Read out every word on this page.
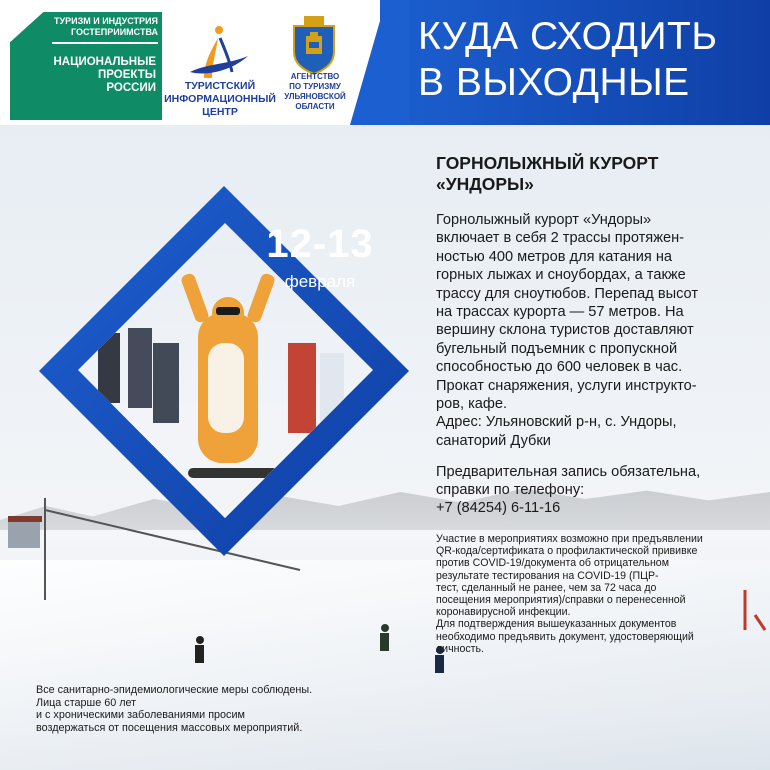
КУДА СХОДИТЬ
В ВЫХОДНЫЕ
ТУРИЗМ И ИНДУСТРИЯ
ГОСТЕПРИИМСТВА
НАЦИОНАЛЬНЫЕ
ПРОЕКТЫ
РОССИИ	ТУРИСТСКИЙ
ИНФОРМАЦИОННЫЙ
ЦЕНТР
АГЕНТСТВО
ПО ТУРИЗМУ
УЛЬЯНОВСКОЙ
ОБЛАСТИ
12-13
февраля
ГОРНОЛЫЖНЫЙ КУРОРТ
«УНДОРЫ»
Горнолыжный курорт «Ундоры»
включает в себя 2 трассы протяжен-
ностью 400 метров для катания на
горных лыжах и сноубордах, а также
трассу для сноутюбов. Перепад высот
на трассах курорта — 57 метров. На
вершину склона туристов доставляют
бугельный подъемник с пропускной
способностью до 600 человек в час.
Прокат снаряжения, услуги инструкто-
ров, кафе.
Адрес: Ульяновский р-н, с. Ундоры,
санаторий Дубки
Предварительная запись обязательна,
справки по телефону:
+7 (84254) 6-11-16
Участие в мероприятиях возможно при предъявлении
QR-кода/сертификата о профилактической прививке
против COVID-19/документа об отрицательном
результате тестирования на COVID-19 (ПЦР-
тест, сделанный не ранее, чем за 72 часа до
посещения мероприятия)/справки о перенесенной
коронавирусной инфекции.
Для подтверждения вышеуказанных документов
необходимо предъявить документ, удостоверяющий
личность.
Все санитарно-эпидемиологические меры соблюдены.
Лица старше 60 лет
и с хроническими заболеваниями просим
воздержаться от посещения массовых мероприятий.
